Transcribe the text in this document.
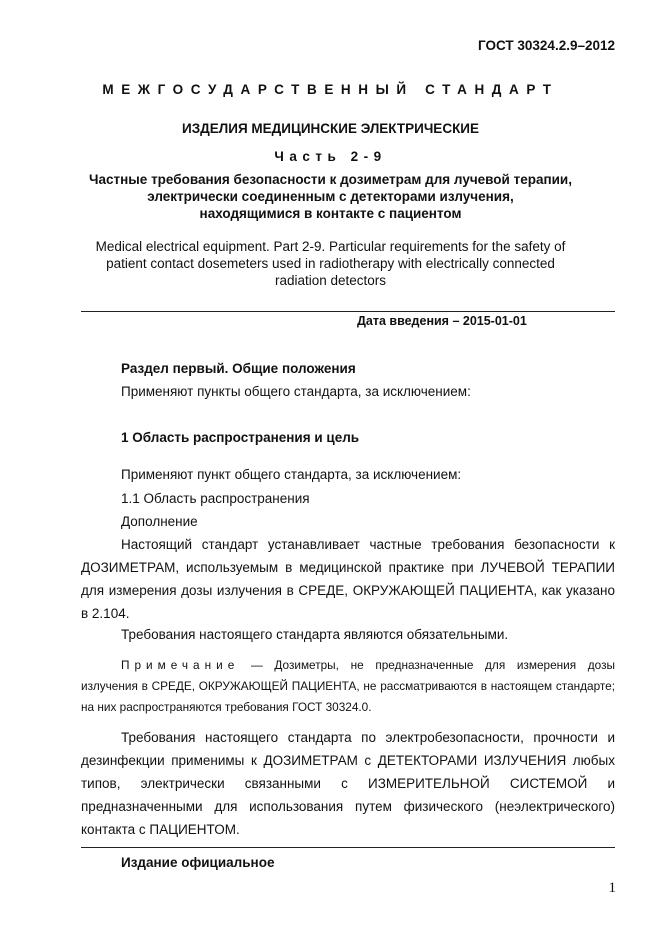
ГОСТ 30324.2.9–2012
МЕЖГОСУДАРСТВЕННЫЙ СТАНДАРТ
ИЗДЕЛИЯ МЕДИЦИНСКИЕ ЭЛЕКТРИЧЕСКИЕ
Часть 2-9
Частные требования безопасности к дозиметрам для лучевой терапии,
электрически соединенным с детекторами излучения,
находящимися в контакте с пациентом
Medical electrical equipment. Part 2-9. Particular requirements for the safety of
patient contact dosemeters used in radiotherapy with electrically connected
radiation detectors
Дата введения – 2015-01-01
Раздел первый. Общие положения
Применяют пункты общего стандарта, за исключением:
1 Область распространения и цель
Применяют пункт общего стандарта, за исключением:
1.1 Область распространения
Дополнение
Настоящий стандарт устанавливает частные требования безопасности к ДОЗИМЕТРАМ, используемым в медицинской практике при ЛУЧЕВОЙ ТЕРАПИИ для измерения дозы излучения в СРЕДЕ, ОКРУЖАЮЩЕЙ ПАЦИЕНТА, как указано в 2.104.
Требования настоящего стандарта являются обязательными.
Примечание — Дозиметры, не предназначенные для измерения дозы излучения в СРЕДЕ, ОКРУЖАЮЩЕЙ ПАЦИЕНТА, не рассматриваются в настоящем стандарте; на них распространяются требования ГОСТ 30324.0.
Требования настоящего стандарта по электробезопасности, прочности и дезинфекции применимы к ДОЗИМЕТРАМ с ДЕТЕКТОРАМИ ИЗЛУЧЕНИЯ любых типов, электрически связанными с ИЗМЕРИТЕЛЬНОЙ СИСТЕМОЙ и предназначенными для использования путем физического (неэлектрического) контакта с ПАЦИЕНТОМ.
Издание официальное
1
